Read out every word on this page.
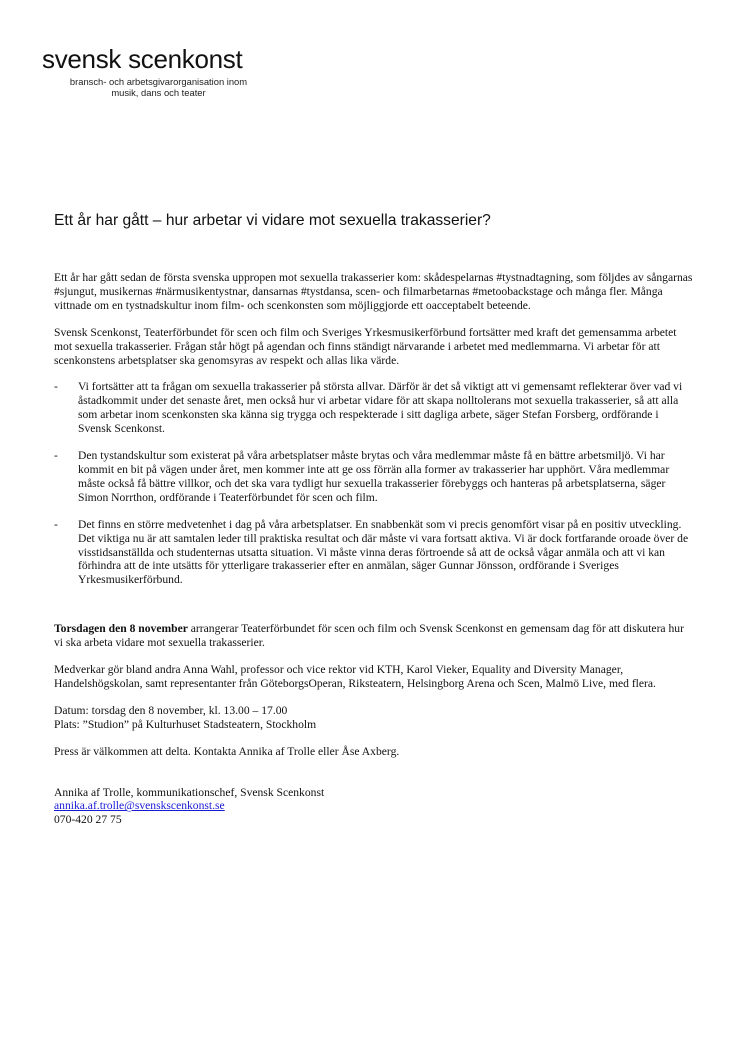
svensk scenkonst
bransch- och arbetsgivarorganisation inom
musik, dans och teater
Ett år har gått – hur arbetar vi vidare mot sexuella trakasserier?

Ett år har gått sedan de första svenska uppropen mot sexuella trakasserier kom: skådespelarnas #tystnadtagning, som följdes av sångarnas #sjungut, musikernas #närmusikentystnar, dansarnas #tystdansa, scen- och filmarbetarnas #metoobackstage och många fler. Många vittnade om en tystnadskultur inom film- och scenkonsten som möjliggjorde ett oacceptabelt beteende.

Svensk Scenkonst, Teaterförbundet för scen och film och Sveriges Yrkesmusikerförbund fortsätter med kraft det gemensamma arbetet mot sexuella trakasserier. Frågan står högt på agendan och finns ständigt närvarande i arbetet med medlemmarna. Vi arbetar för att scenkonstens arbetsplatser ska genomsyras av respekt och allas lika värde.

- Vi fortsätter att ta frågan om sexuella trakasserier på största allvar. Därför är det så viktigt att vi gemensamt reflekterar över vad vi åstadkommit under det senaste året, men också hur vi arbetar vidare för att skapa nolltolerans mot sexuella trakasserier, så att alla som arbetar inom scenkonsten ska känna sig trygga och respekterade i sitt dagliga arbete, säger Stefan Forsberg, ordförande i Svensk Scenkonst.
- Den tystandskultur som existerat på våra arbetsplatser måste brytas och våra medlemmar måste få en bättre arbetsmiljö. Vi har kommit en bit på vägen under året, men kommer inte att ge oss förrän alla former av trakasserier har upphört. Våra medlemmar måste också få bättre villkor, och det ska vara tydligt hur sexuella trakasserier förebyggs och hanteras på arbetsplatserna, säger Simon Norrthon, ordförande i Teaterförbundet för scen och film.
- Det finns en större medvetenhet i dag på våra arbetsplatser. En snabbenkät som vi precis genomfört visar på en positiv utveckling. Det viktiga nu är att samtalen leder till praktiska resultat och där måste vi vara fortsatt aktiva. Vi är dock fortfarande oroade över de visstidsanställda och studenternas utsatta situation. Vi måste vinna deras förtroende så att de också vågar anmäla och att vi kan förhindra att de inte utsätts för ytterligare trakasserier efter en anmälan, säger Gunnar Jönsson, ordförande i Sveriges Yrkesmusikerförbund.

Torsdagen den 8 november arrangerar Teaterförbundet för scen och film och Svensk Scenkonst en gemensam dag för att diskutera hur vi ska arbeta vidare mot sexuella trakasserier.

Medverkar gör bland andra Anna Wahl, professor och vice rektor vid KTH, Karol Vieker, Equality and Diversity Manager, Handelshögskolan, samt representanter från GöteborgsOperan, Riksteatern, Helsingborg Arena och Scen, Malmö Live, med flera.

Datum: torsdag den 8 november, kl. 13.00 – 17.00
Plats: ”Studion” på Kulturhuset Stadsteatern, Stockholm

Press är välkommen att delta. Kontakta Annika af Trolle eller Åse Axberg.

Annika af Trolle, kommunikationschef, Svensk Scenkonst

annika.af.trolle@svenskscenkonst.se

070-420 27 75
